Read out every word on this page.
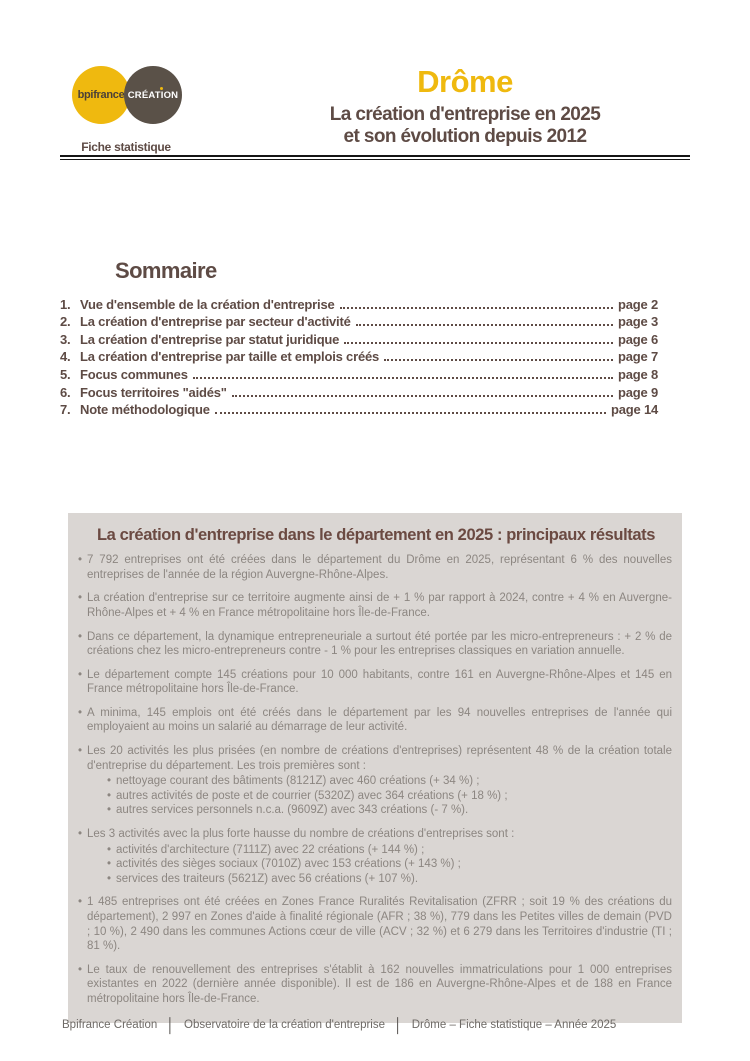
bpifrance CRÉATION
Fiche statistique
Drôme
La création d'entreprise en 2025
et son évolution depuis 2012
Sommaire
1. Vue d'ensemble de la création d'entreprise	page 2
2. La création d'entreprise par secteur d'activité	page 3
3. La création d'entreprise par statut juridique	page 6
4. La création d'entreprise par taille et emplois créés	page 7
5. Focus communes	page 8
6. Focus territoires "aidés"	page 9
7. Note méthodologique	page 14
La création d'entreprise dans le département en 2025 : principaux résultats
• 7 792 entreprises ont été créées dans le département du Drôme en 2025, représentant 6 % des nouvelles entreprises de l'année de la région Auvergne-Rhône-Alpes.
• La création d'entreprise sur ce territoire augmente ainsi de + 1 % par rapport à 2024, contre + 4 % en Auvergne-Rhône-Alpes et + 4 % en France métropolitaine hors Île-de-France.
• Dans ce département, la dynamique entrepreneuriale a surtout été portée par les micro-entrepreneurs : + 2 % de créations chez les micro-entrepreneurs contre - 1 % pour les entreprises classiques en variation annuelle.
• Le département compte 145 créations pour 10 000 habitants, contre 161 en Auvergne-Rhône-Alpes et 145 en France métropolitaine hors Île-de-France.
• A minima, 145 emplois ont été créés dans le département par les 94 nouvelles entreprises de l'année qui employaient au moins un salarié au démarrage de leur activité.
• Les 20 activités les plus prisées (en nombre de créations d'entreprises) représentent 48 % de la création totale d'entreprise du département. Les trois premières sont :
• nettoyage courant des bâtiments (8121Z) avec 460 créations (+ 34 %) ;
• autres activités de poste et de courrier (5320Z) avec 364 créations (+ 18 %) ;
• autres services personnels n.c.a. (9609Z) avec 343 créations (- 7 %).
• Les 3 activités avec la plus forte hausse du nombre de créations d'entreprises sont :
• activités d'architecture (7111Z) avec 22 créations (+ 144 %) ;
• activités des sièges sociaux (7010Z) avec 153 créations (+ 143 %) ;
• services des traiteurs (5621Z) avec 56 créations (+ 107 %).
• 1 485 entreprises ont été créées en Zones France Ruralités Revitalisation (ZFRR ; soit 19 % des créations du département), 2 997 en Zones d'aide à finalité régionale (AFR ; 38 %), 779 dans les Petites villes de demain (PVD ; 10 %), 2 490 dans les communes Actions cœur de ville (ACV ; 32 %) et 6 279 dans les Territoires d'industrie (TI ; 81 %).
• Le taux de renouvellement des entreprises s'établit à 162 nouvelles immatriculations pour 1 000 entreprises existantes en 2022 (dernière année disponible). Il est de 186 en Auvergne-Rhône-Alpes et de 188 en France métropolitaine hors Île-de-France.
Bpifrance Création │ Observatoire de la création d'entreprise │ Drôme – Fiche statistique – Année 2025
